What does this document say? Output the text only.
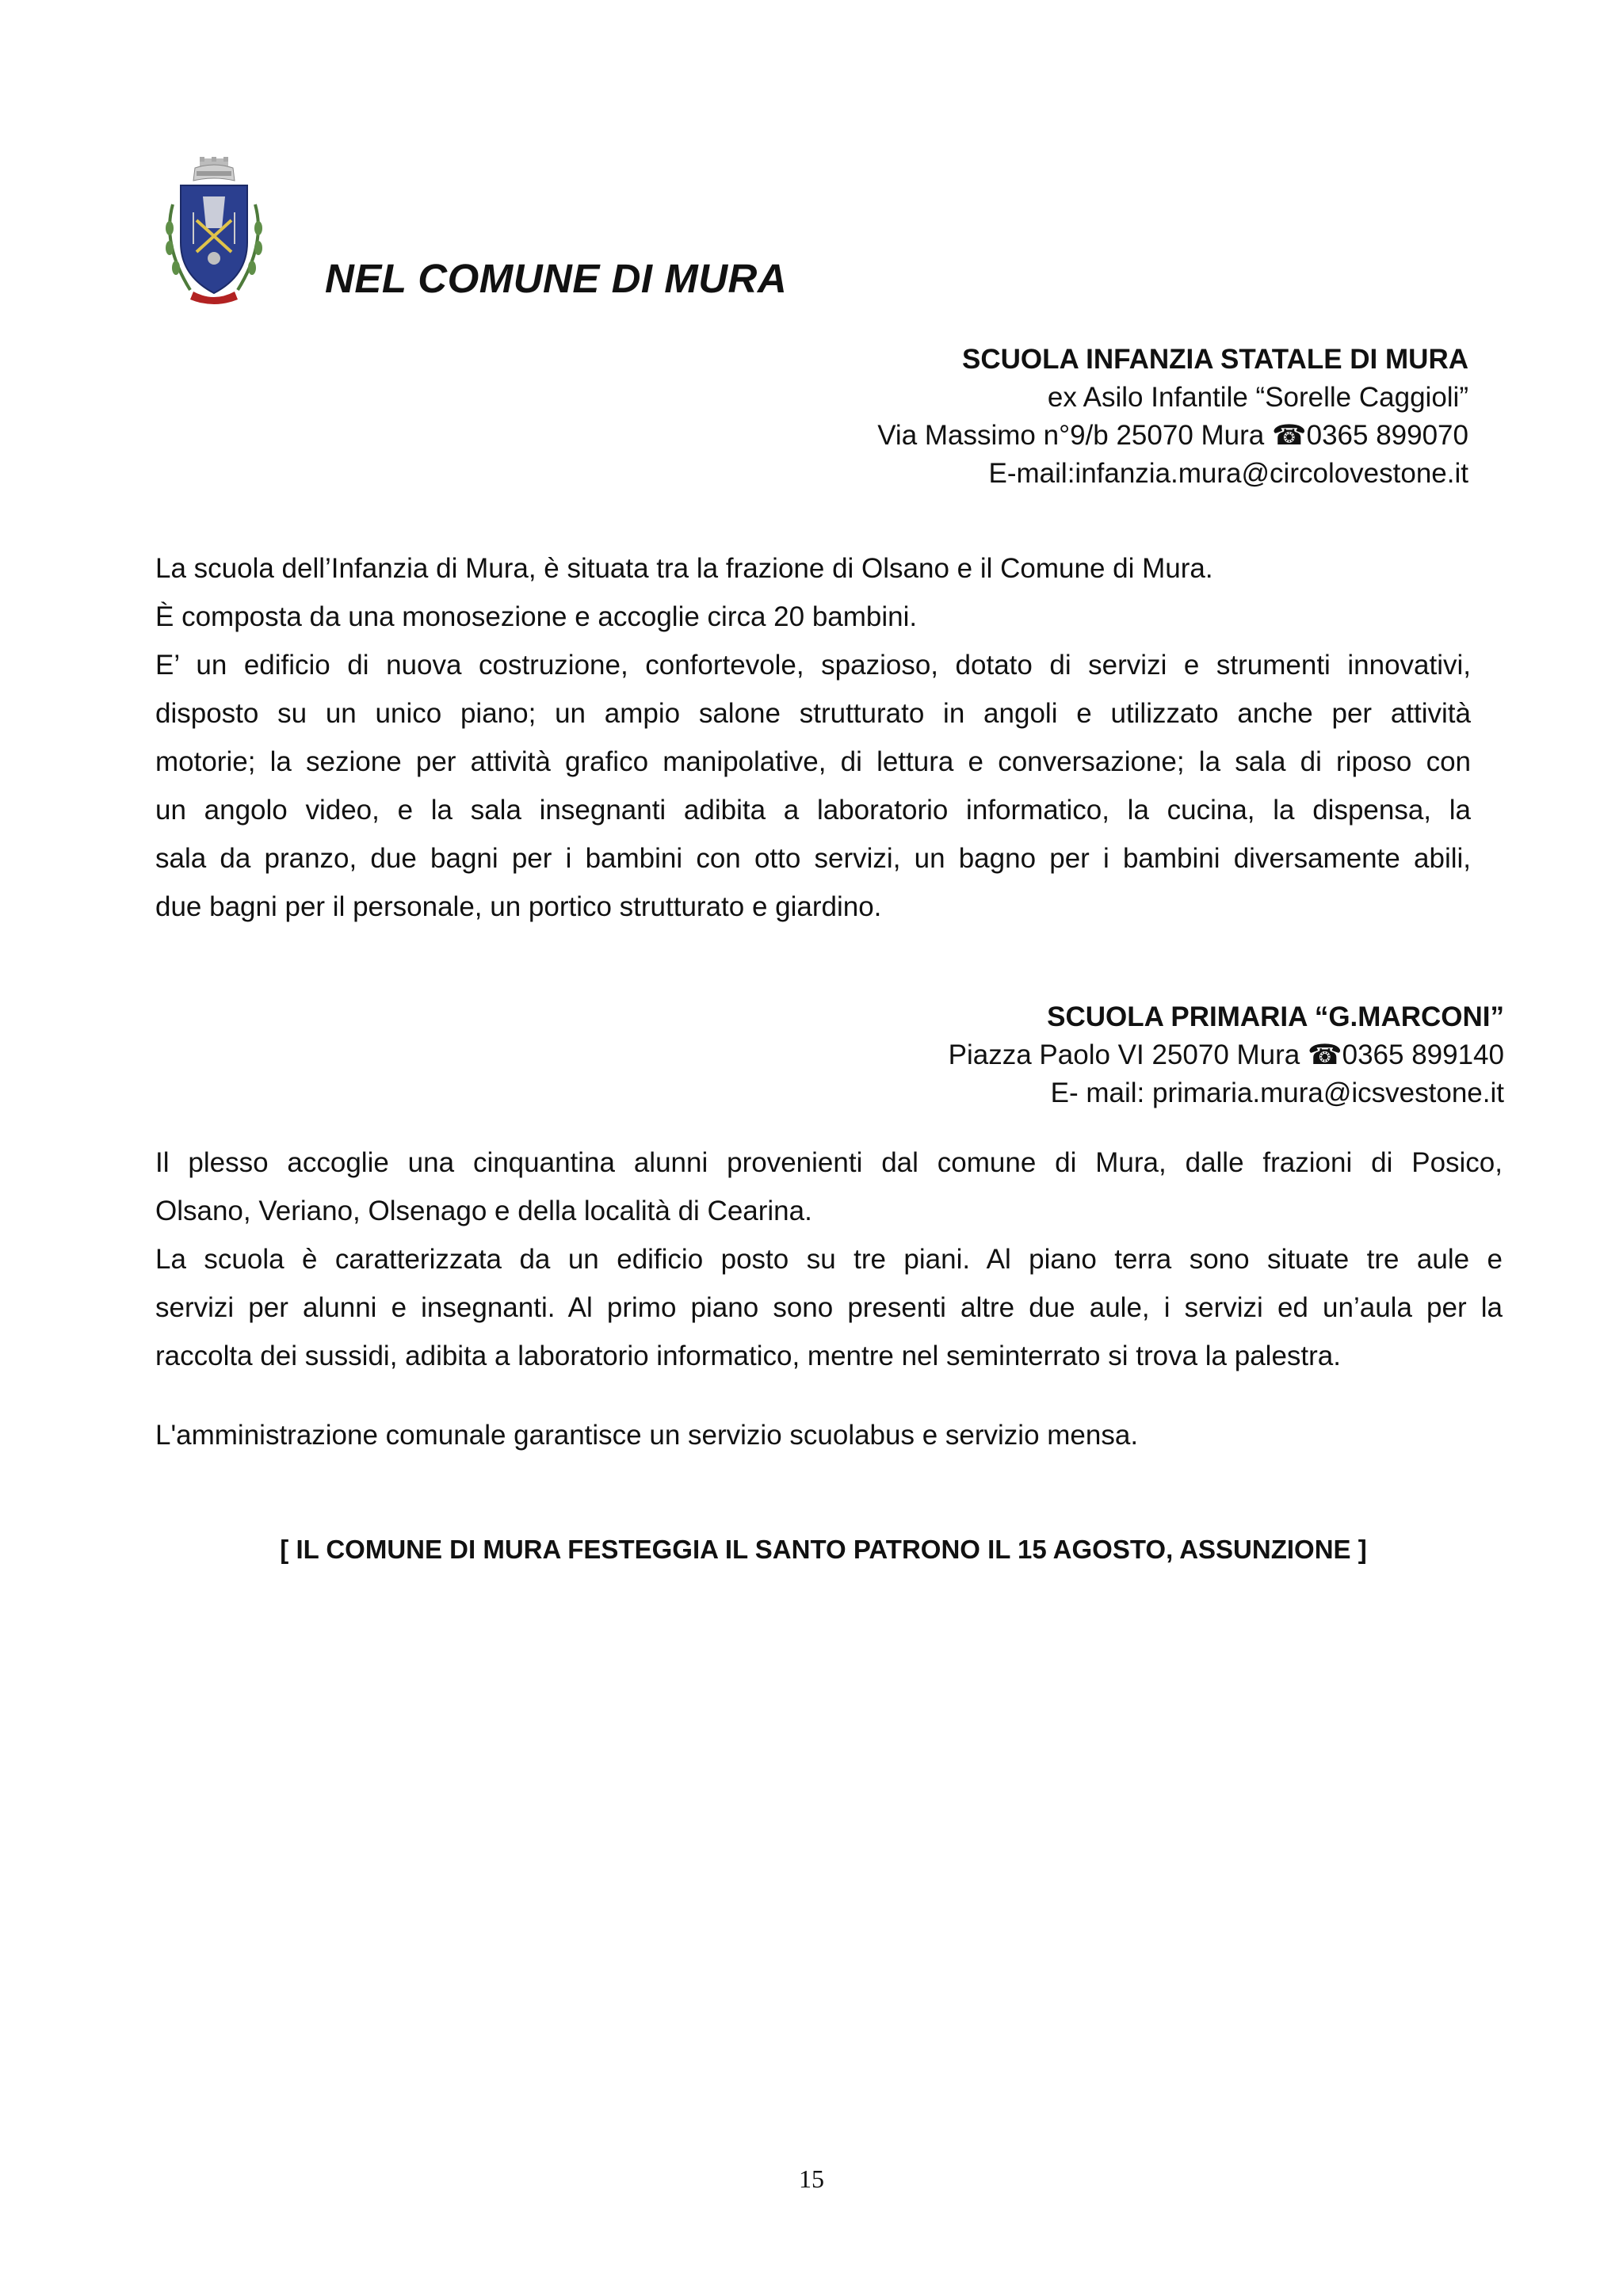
NEL COMUNE DI MURA
SCUOLA INFANZIA STATALE DI MURA
ex Asilo Infantile “Sorelle Caggioli”
Via Massimo n°9/b 25070 Mura ☎0365 899070
E-mail:infanzia.mura@circolovestone.it
La scuola dell’Infanzia di Mura, è situata tra la frazione di Olsano e il Comune di Mura.
È composta da una monosezione e accoglie circa 20 bambini.
E’ un edificio di nuova costruzione, confortevole, spazioso, dotato di servizi e strumenti innovativi,
disposto su un unico piano; un ampio salone strutturato in angoli e utilizzato anche per attività
motorie; la sezione per attività grafico manipolative, di lettura e conversazione; la sala di riposo con
un angolo video, e la sala insegnanti adibita a laboratorio informatico, la cucina, la dispensa, la
sala da pranzo, due bagni per i bambini con otto servizi, un bagno per i bambini diversamente abili,
due bagni per il personale, un portico strutturato e giardino.
SCUOLA PRIMARIA “G.MARCONI”
Piazza Paolo VI 25070 Mura ☎0365 899140
E- mail: primaria.mura@icsvestone.it
Il plesso accoglie una cinquantina alunni provenienti dal comune di Mura, dalle frazioni di Posico,
Olsano, Veriano, Olsenago e della località di Cearina.
La scuola è caratterizzata da un edificio posto su tre piani. Al piano terra sono situate tre aule e
servizi per alunni e insegnanti. Al primo piano sono presenti altre due aule, i servizi ed un’aula per la
raccolta dei sussidi, adibita a laboratorio informatico, mentre nel seminterrato si trova la palestra.

L'amministrazione comunale garantisce un servizio scuolabus e servizio mensa.

[ IL COMUNE DI MURA FESTEGGIA IL SANTO PATRONO IL 15 AGOSTO, ASSUNZIONE ]

15
